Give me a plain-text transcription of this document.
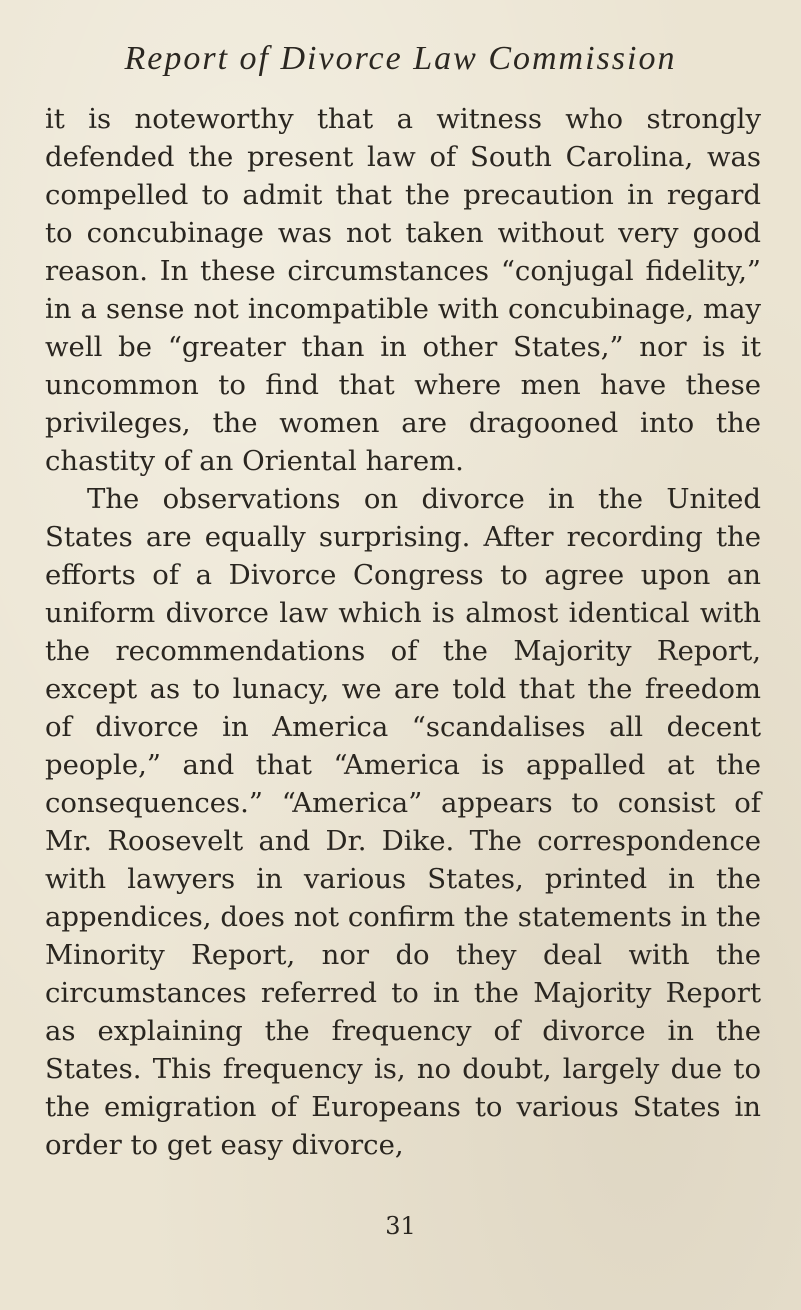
Report of Divorce Law Commission

it is noteworthy that a witness who strongly defended the present law of South Carolina, was compelled to admit that the precaution in regard to concubinage was not taken without very good reason. In these circumstances “conjugal fidelity,” in a sense not incompatible with concubinage, may well be “greater than in other States,” nor is it uncommon to find that where men have these privileges, the women are dragooned into the chastity of an Oriental harem.

The observations on divorce in the United States are equally surprising. After recording the efforts of a Divorce Congress to agree upon an uniform divorce law which is almost identical with the recommendations of the Majority Report, except as to lunacy, we are told that the freedom of divorce in America “scandalises all decent people,” and that “America is appalled at the consequences.” “America” appears to consist of Mr. Roosevelt and Dr. Dike. The correspondence with lawyers in various States, printed in the appendices, does not confirm the statements in the Minority Report, nor do they deal with the circumstances referred to in the Majority Report as explaining the frequency of divorce in the States. This frequency is, no doubt, largely due to the emigration of Europeans to various States in order to get easy divorce,

31
